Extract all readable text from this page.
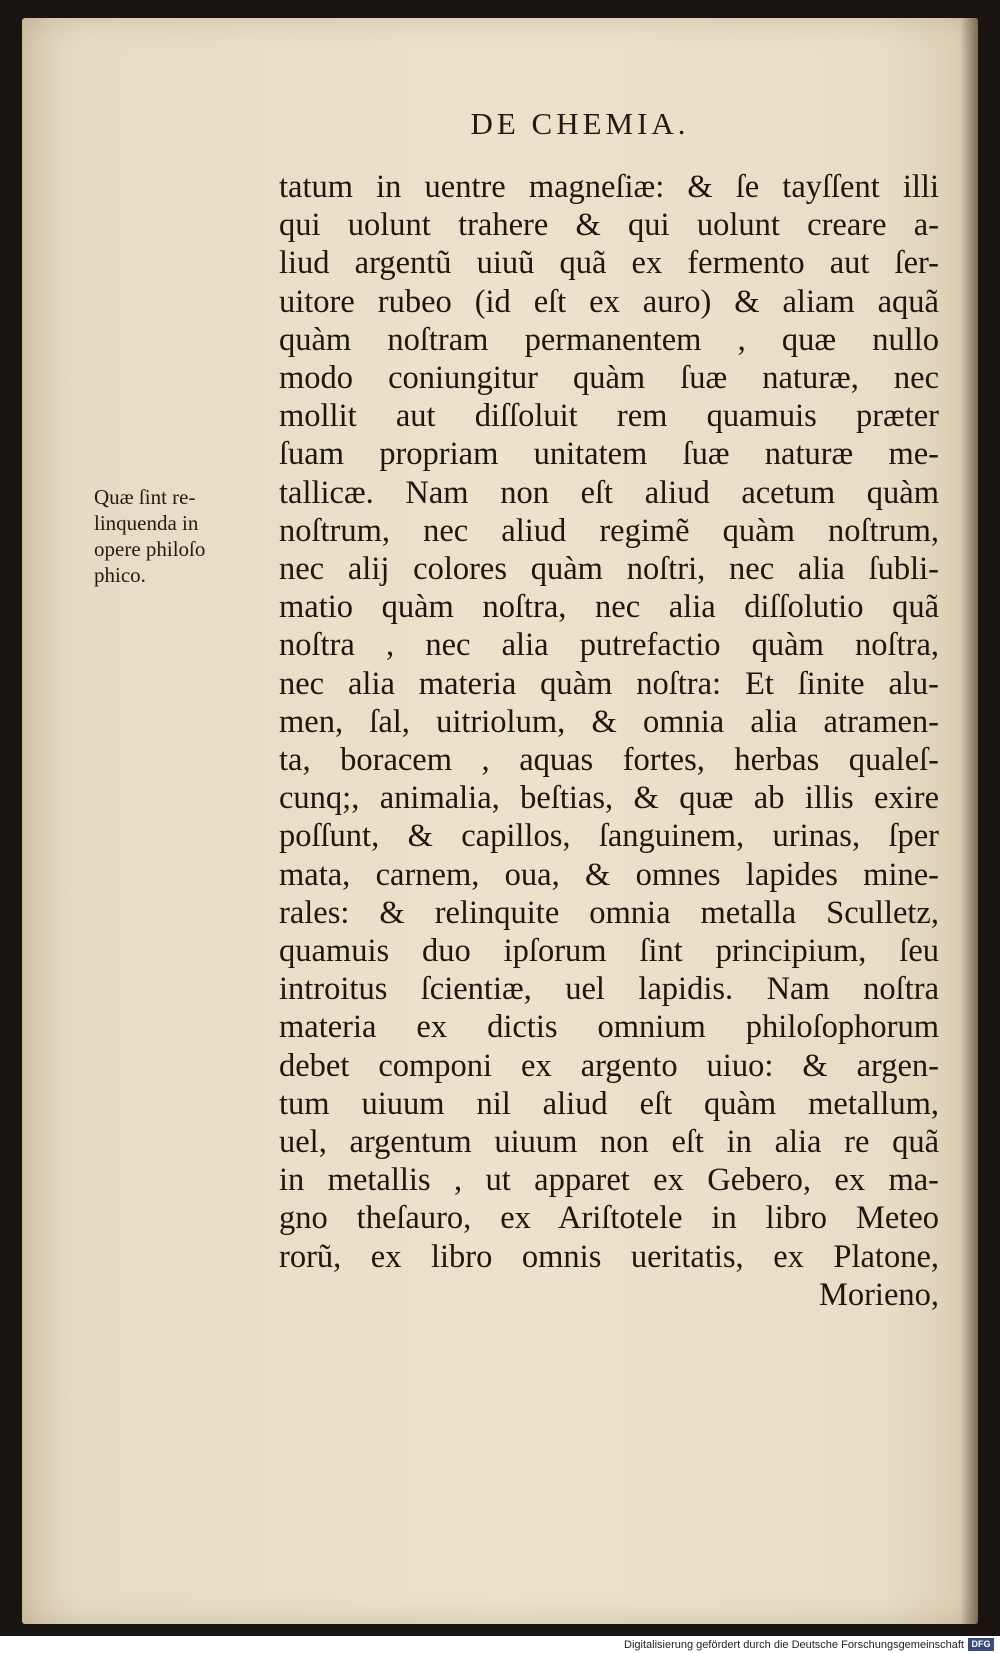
DE CHEMIA.
Quæ ſint re-
linquenda in
opere philoſo
phico.
tatum in uentre magneſiæ: & ſe tayſſent illi
qui uolunt trahere & qui uolunt creare a-
liud argentũ uiuũ quã ex fermento aut ſer-
uitore rubeo (id eſt ex auro) & aliam aquã
quàm noſtram permanentem , quæ nullo
modo coniungitur quàm ſuæ naturæ, nec
mollit aut diſſoluit rem quamuis præter
ſuam propriam unitatem ſuæ naturæ me-
tallicæ. Nam non eſt aliud acetum quàm
noſtrum, nec aliud regimẽ quàm noſtrum,
nec alij colores quàm noſtri, nec alia ſubli-
matio quàm noſtra, nec alia diſſolutio quã
noſtra , nec alia putrefactio quàm noſtra,
nec alia materia quàm noſtra: Et ſinite alu-
men, ſal, uitriolum, & omnia alia atramen-
ta, boracem , aquas fortes, herbas qualeſ-
cunq;, animalia, beſtias, & quæ ab illis exire
poſſunt, & capillos, ſanguinem, urinas, ſper
mata, carnem, oua, & omnes lapides mine-
rales: & relinquite omnia metalla Sculletz,
quamuis duo ipſorum ſint principium, ſeu
introitus ſcientiæ, uel lapidis. Nam noſtra
materia ex dictis omnium philoſophorum
debet componi ex argento uiuo: & argen-
tum uiuum nil aliud eſt quàm metallum,
uel, argentum uiuum non eſt in alia re quã
in metallis , ut apparet ex Gebero, ex ma-
gno theſauro, ex Ariſtotele in libro Meteo
rorũ, ex libro omnis ueritatis, ex Platone,
Morieno,
Digitalisierung gefördert durch die Deutsche Forschungsgemeinschaft DFG
